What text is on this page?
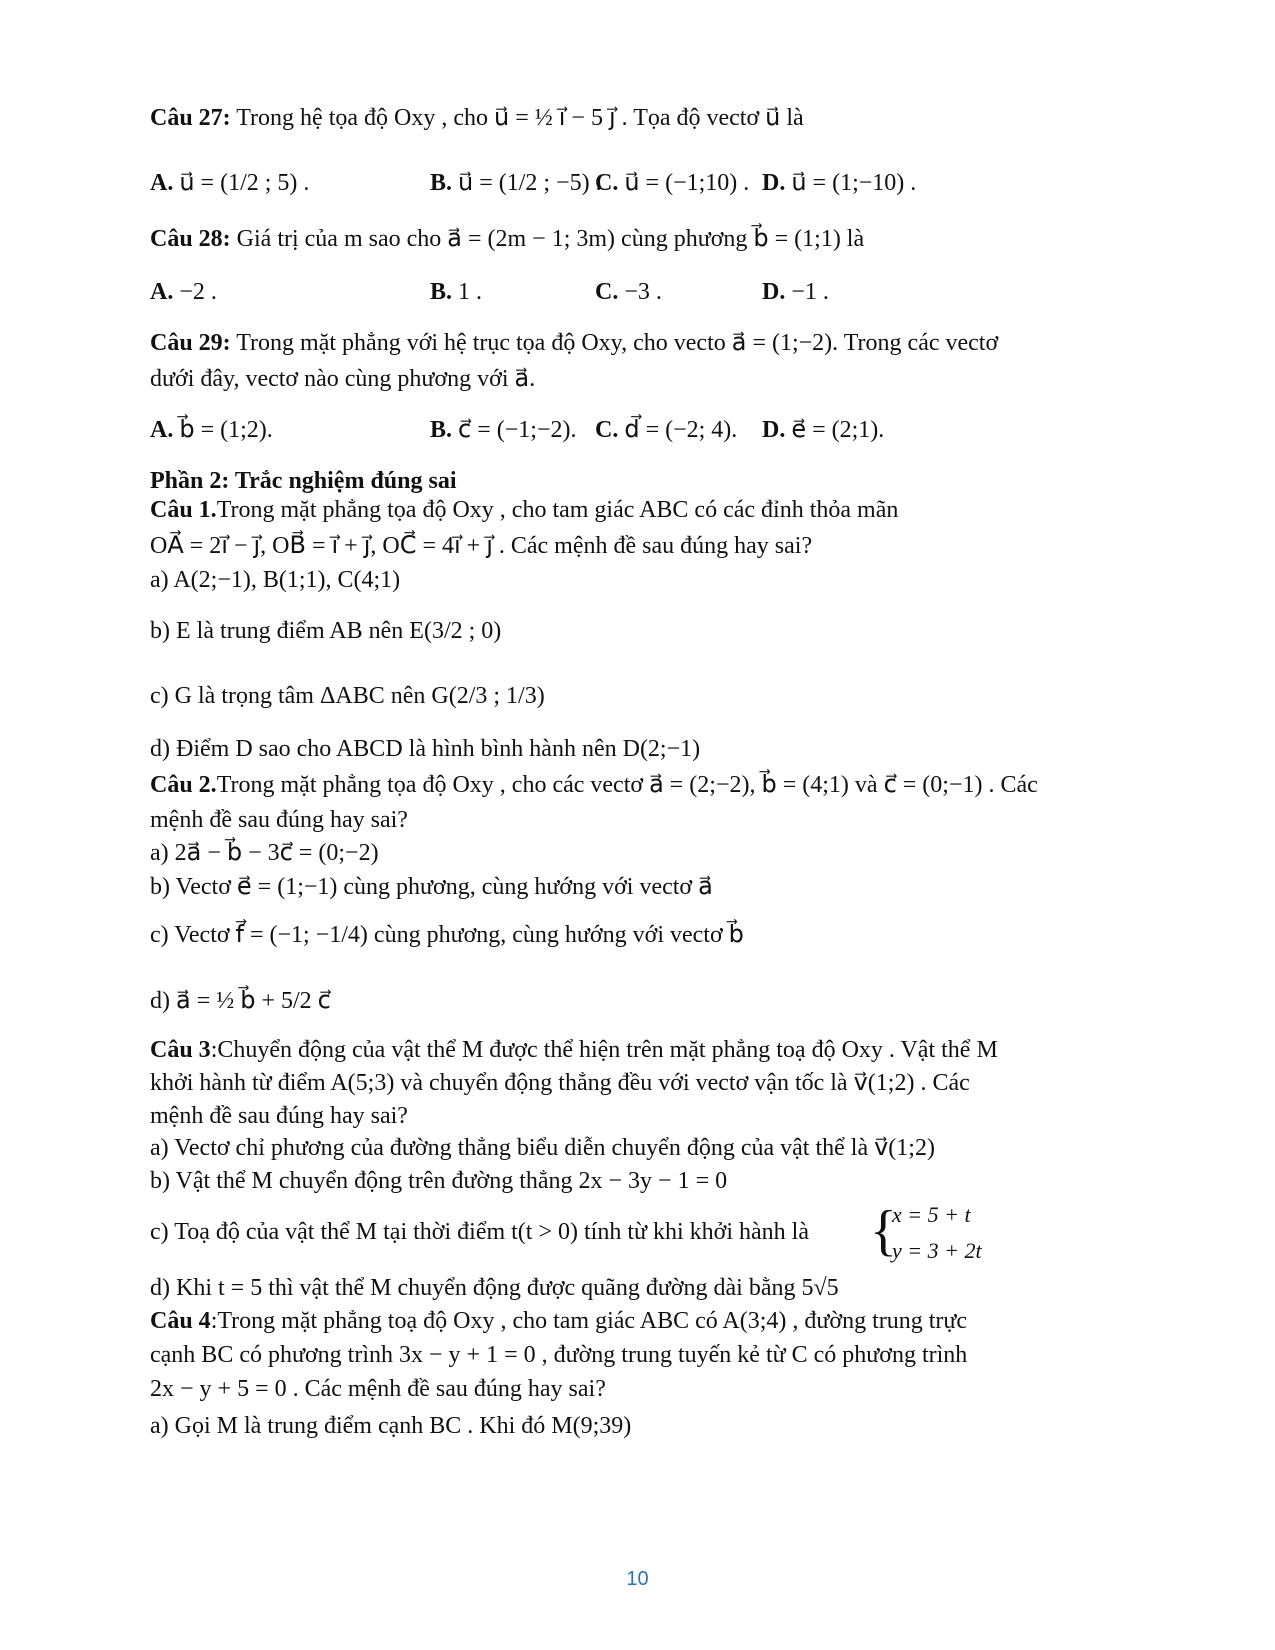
Câu 27: Trong hệ tọa độ Oxy , cho u⃗ = ½ i⃗ − 5 j⃗ . Tọa độ vectơ u⃗ là
A. u⃗ = (1/2 ; 5) .	B. u⃗ = (1/2 ; −5) .
C. u⃗ = (−1;10) . D. u⃗ = (1;−10) .
Câu 28: Giá trị của m sao cho a⃗ = (2m − 1; 3m) cùng phương b⃗ = (1;1) là
A. −2 .	B. 1 .	C. −3 .	D. −1 .
Câu 29: Trong mặt phẳng với hệ trục tọa độ Oxy, cho vecto a⃗ = (1;−2). Trong các vectơ
dưới đây, vectơ nào cùng phương với a⃗.
A. b⃗ = (1;2).	B. c⃗ = (−1;−2). C. d⃗ = (−2; 4). D. e⃗ = (2;1).
Phần 2: Trắc nghiệm đúng sai
Câu 1.Trong mặt phẳng tọa độ Oxy , cho tam giác ABC có các đỉnh thỏa mãn
OA⃗ = 2i⃗ − j⃗, OB⃗ = i⃗ + j⃗, OC⃗ = 4i⃗ + j⃗ . Các mệnh đề sau đúng hay sai?
a) A(2;−1), B(1;1), C(4;1)
b) E là trung điểm AB nên E(3/2 ; 0)
c) G là trọng tâm ΔABC nên G(2/3 ; 1/3)
d) Điểm D sao cho ABCD là hình bình hành nên D(2;−1)
Câu 2.Trong mặt phẳng tọa độ Oxy , cho các vectơ a⃗ = (2;−2), b⃗ = (4;1) và c⃗ = (0;−1) . Các
mệnh đề sau đúng hay sai?
a) 2a⃗ − b⃗ − 3c⃗ = (0;−2)
b) Vectơ e⃗ = (1;−1) cùng phương, cùng hướng với vectơ a⃗
c) Vectơ f⃗ = (−1; −1/4) cùng phương, cùng hướng với vectơ b⃗
d) a⃗ = ½ b⃗ + 5/2 c⃗
Câu 3:Chuyển động của vật thể M được thể hiện trên mặt phẳng toạ độ Oxy . Vật thể M
khởi hành từ điểm A(5;3) và chuyển động thẳng đều với vectơ vận tốc là v⃗(1;2) . Các
mệnh đề sau đúng hay sai?
a) Vectơ chỉ phương của đường thẳng biểu diễn chuyển động của vật thể là v⃗(1;2)
b) Vật thể M chuyển động trên đường thẳng 2x − 3y − 1 = 0
c) Toạ độ của vật thể M tại thời điểm t(t > 0) tính từ khi khởi hành là {
x = 5 + t
y = 3 + 2t
d) Khi t = 5 thì vật thể M chuyển động được quãng đường dài bằng 5√5
Câu 4:Trong mặt phẳng toạ độ Oxy , cho tam giác ABC có A(3;4) , đường trung trực
cạnh BC có phương trình 3x − y + 1 = 0 , đường trung tuyến kẻ từ C có phương trình
2x − y + 5 = 0 . Các mệnh đề sau đúng hay sai?
a) Gọi M là trung điểm cạnh BC . Khi đó M(9;39)
10
